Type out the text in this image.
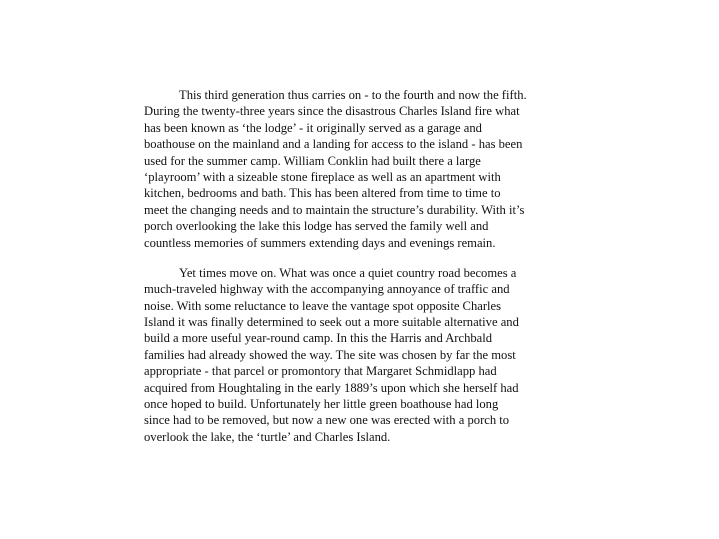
This third generation thus carries on - to the fourth and now the fifth.
During the twenty-three years since the disastrous Charles Island fire what
has been known as ‘the lodge’ - it originally served as a garage and
boathouse on the mainland and a landing for access to the island - has been
used for the summer camp. William Conklin had built there a large
‘playroom’ with a sizeable stone fireplace as well as an apartment with
kitchen, bedrooms and bath. This has been altered from time to time to
meet the changing needs and to maintain the structure’s durability. With it’s
porch overlooking the lake this lodge has served the family well and
countless memories of summers extending days and evenings remain.

Yet times move on. What was once a quiet country road becomes a
much-traveled highway with the accompanying annoyance of traffic and
noise. With some reluctance to leave the vantage spot opposite Charles
Island it was finally determined to seek out a more suitable alternative and
build a more useful year-round camp. In this the Harris and Archbald
families had already showed the way. The site was chosen by far the most
appropriate - that parcel or promontory that Margaret Schmidlapp had
acquired from Houghtaling in the early 1889’s upon which she herself had
once hoped to build. Unfortunately her little green boathouse had long
since had to be removed, but now a new one was erected with a porch to
overlook the lake, the ‘turtle’ and Charles Island.
